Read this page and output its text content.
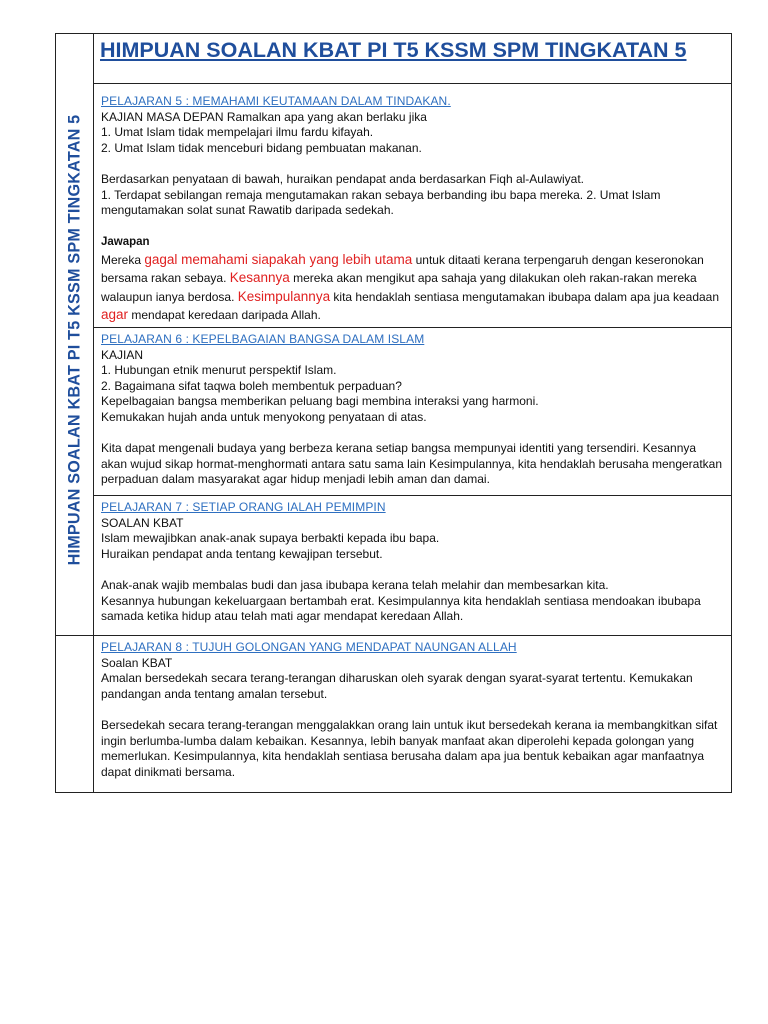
HIMPUAN SOALAN KBAT PI T5 KSSM SPM TINGKATAN 5
HIMPUAN SOALAN KBAT PI T5 KSSM SPM TINGKATAN 5

PELAJARAN 5 : MEMAHAMI KEUTAMAAN DALAM TINDAKAN.

KAJIAN MASA DEPAN Ramalkan apa yang akan berlaku jika

1. Umat Islam tidak mempelajari ilmu fardu kifayah.

2. Umat Islam tidak menceburi bidang pembuatan makanan.

Berdasarkan penyataan di bawah, huraikan pendapat anda berdasarkan Fiqh al-Aulawiyat.

1. Terdapat sebilangan remaja mengutamakan rakan sebaya berbanding ibu bapa mereka. 2. Umat Islam mengutamakan solat sunat Rawatib daripada sedekah.

Jawapan

Mereka gagal memahami siapakah yang lebih utama untuk ditaati kerana terpengaruh dengan keseronokan bersama rakan sebaya. Kesannya mereka akan mengikut apa sahaja yang dilakukan oleh rakan-rakan mereka walaupun ianya berdosa. Kesimpulannya kita hendaklah sentiasa mengutamakan ibubapa dalam apa jua keadaan agar mendapat keredaan daripada Allah.

PELAJARAN 6 : KEPELBAGAIAN BANGSA DALAM ISLAM

KAJIAN

1. Hubungan etnik menurut perspektif Islam.

2. Bagaimana sifat taqwa boleh membentuk perpaduan?

Kepelbagaian bangsa memberikan peluang bagi membina interaksi yang harmoni.

Kemukakan hujah anda untuk menyokong penyataan di atas.

Kita dapat mengenali budaya yang berbeza kerana setiap bangsa mempunyai identiti yang tersendiri. Kesannya akan wujud sikap hormat-menghormati antara satu sama lain Kesimpulannya, kita hendaklah berusaha mengeratkan perpaduan dalam masyarakat agar hidup menjadi lebih aman dan damai.

PELAJARAN 7 : SETIAP ORANG IALAH PEMIMPIN

SOALAN KBAT

Islam mewajibkan anak-anak supaya berbakti kepada ibu bapa.

Huraikan pendapat anda tentang kewajipan tersebut.

Anak-anak wajib membalas budi dan jasa ibubapa kerana telah melahir dan membesarkan kita.

Kesannya hubungan kekeluargaan bertambah erat. Kesimpulannya kita hendaklah sentiasa mendoakan ibubapa samada ketika hidup atau telah mati agar mendapat keredaan Allah.

PELAJARAN 8 : TUJUH GOLONGAN YANG MENDAPAT NAUNGAN ALLAH

Soalan KBAT

Amalan bersedekah secara terang-terangan diharuskan oleh syarak dengan syarat-syarat tertentu. Kemukakan pandangan anda tentang amalan tersebut.

Bersedekah secara terang-terangan menggalakkan orang lain untuk ikut bersedekah kerana ia membangkitkan sifat ingin berlumba-lumba dalam kebaikan. Kesannya, lebih banyak manfaat akan diperolehi kepada golongan yang memerlukan. Kesimpulannya, kita hendaklah sentiasa berusaha dalam apa jua bentuk kebaikan agar manfaatnya dapat dinikmati bersama.
